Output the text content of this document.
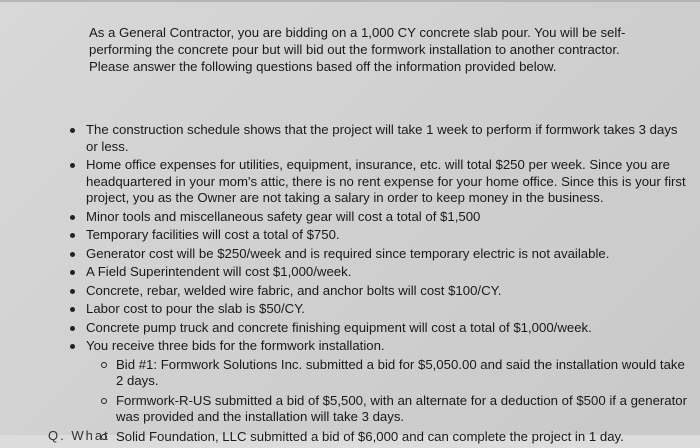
As a General Contractor, you are bidding on a 1,000 CY concrete slab pour. You will be self-performing the concrete pour but will bid out the formwork installation to another contractor. Please answer the following questions based off the information provided below.

The construction schedule shows that the project will take 1 week to perform if formwork takes 3 days or less.
Home office expenses for utilities, equipment, insurance, etc. will total $250 per week. Since you are headquartered in your mom's attic, there is no rent expense for your home office. Since this is your first project, you as the Owner are not taking a salary in order to keep money in the business.
Minor tools and miscellaneous safety gear will cost a total of $1,500
Temporary facilities will cost a total of $750.
Generator cost will be $250/week and is required since temporary electric is not available.
A Field Superintendent will cost $1,000/week.
Concrete, rebar, welded wire fabric, and anchor bolts will cost $100/CY.
Labor cost to pour the slab is $50/CY.
Concrete pump truck and concrete finishing equipment will cost a total of $1,000/week.
You receive three bids for the formwork installation.
Bid #1: Formwork Solutions Inc. submitted a bid for $5,050.00 and said the installation would take 2 days.
Formwork-R-US submitted a bid of $5,500, with an alternate for a deduction of $500 if a generator was provided and the installation will take 3 days.
Solid Foundation, LLC submitted a bid of $6,000 and can complete the project in 1 day.
Q. What
